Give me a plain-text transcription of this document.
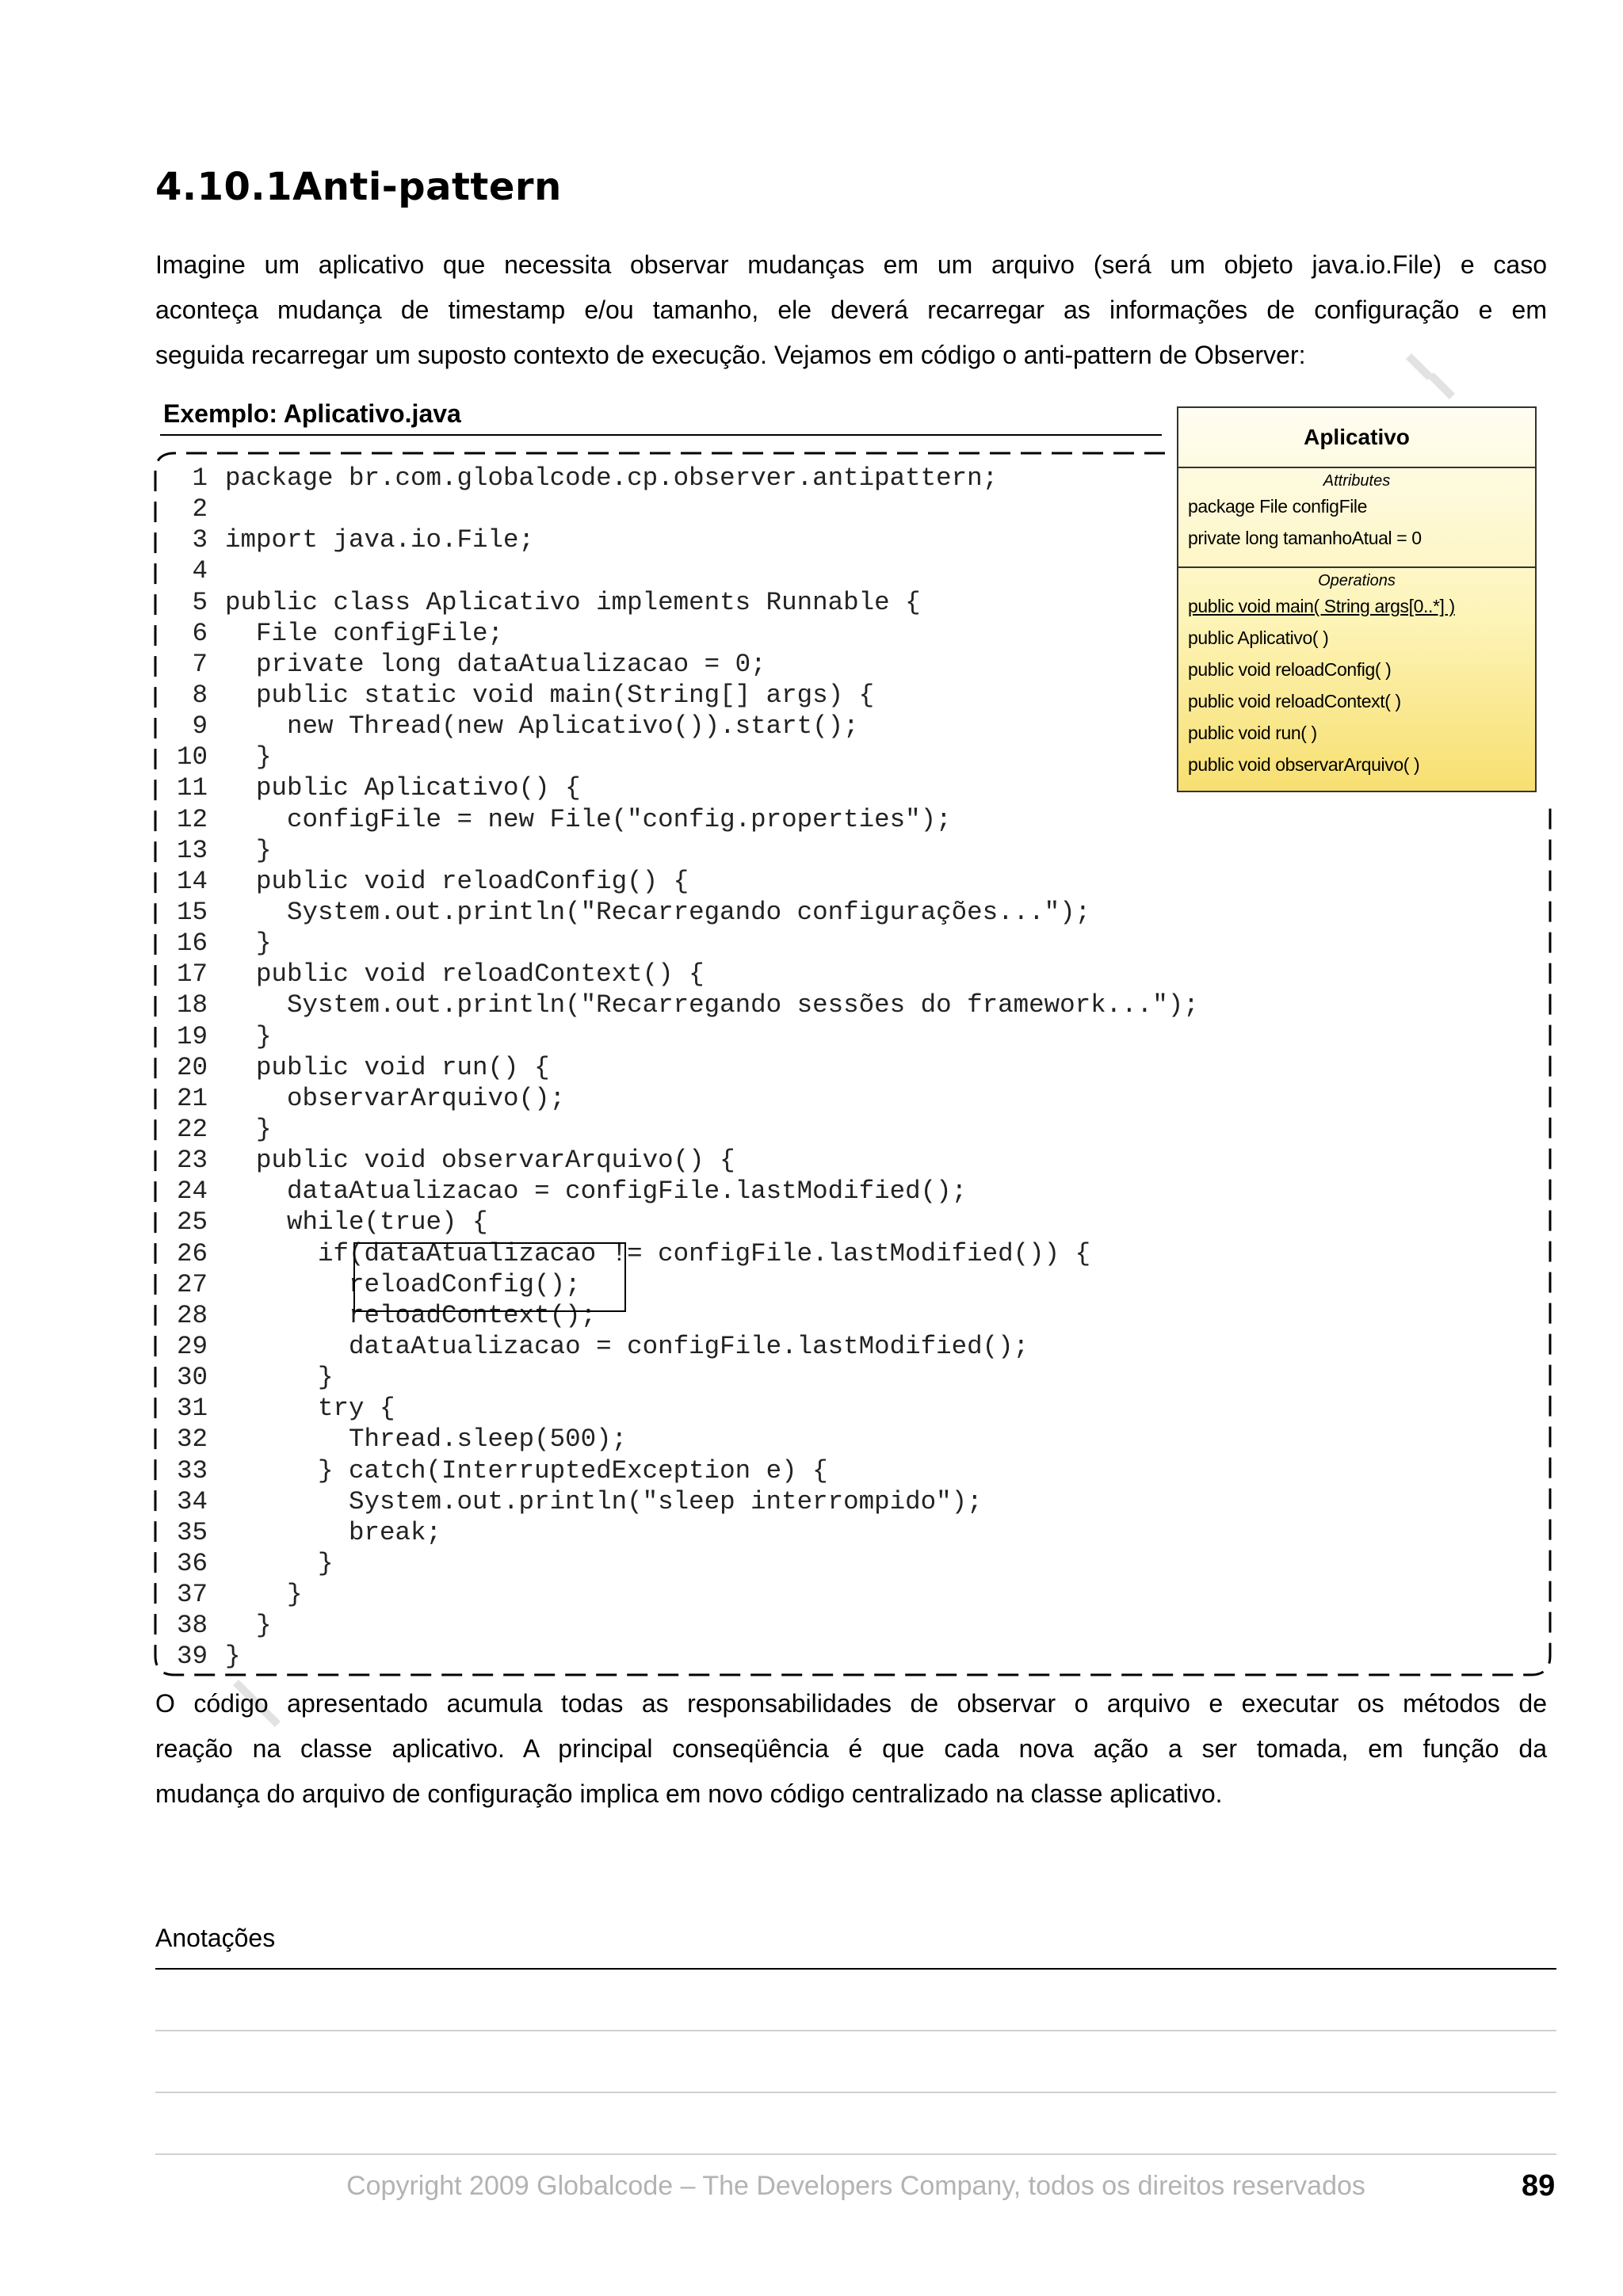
4.10.1Anti-pattern
Imagine um aplicativo que necessita observar mudanças em um arquivo (será um objeto java.io.File) e caso
aconteça mudança de timestamp e/ou tamanho, ele deverá recarregar as informações de configuração e em
seguida recarregar um suposto contexto de execução. Vejamos em código o anti-pattern de Observer:
Exemplo: Aplicativo.java
1 package br.com.globalcode.cp.observer.antipattern;
2
3 import java.io.File;
4
5 public class Aplicativo implements Runnable {
6  File configFile;
7  private long dataAtualizacao = 0;
8  public static void main(String[] args) {
9    new Thread(new Aplicativo()).start();
10  }
11  public Aplicativo() {
12    configFile = new File("config.properties");
13  }
14  public void reloadConfig() {
15    System.out.println("Recarregando configurações...");
16  }
17  public void reloadContext() {
18    System.out.println("Recarregando sessões do framework...");
19  }
20  public void run() {
21    observarArquivo();
22  }
23  public void observarArquivo() {
24    dataAtualizacao = configFile.lastModified();
25    while(true) {
26      if(dataAtualizacao != configFile.lastModified()) {
27        reloadConfig();
28        reloadContext();
29        dataAtualizacao = configFile.lastModified();
30      }
31      try {
32        Thread.sleep(500);
33      } catch(InterruptedException e) {
34        System.out.println("sleep interrompido");
35        break;
36      }
37    }
38  }
39 }
Aplicativo
Attributes
package File configFile
private long tamanhoAtual = 0
Operations
public void main( String args[0..*] )
public Aplicativo( )
public void reloadConfig( )
public void reloadContext( )
public void run( )
public void observarArquivo( )
O código apresentado acumula todas as responsabilidades de observar o arquivo e executar os métodos de
reação na classe aplicativo. A principal conseqüência é que cada nova ação a ser tomada, em função da
mudança do arquivo de configuração implica em novo código centralizado na classe aplicativo.
Anotações
Copyright 2009 Globalcode – The Developers Company, todos os direitos reservados	89
